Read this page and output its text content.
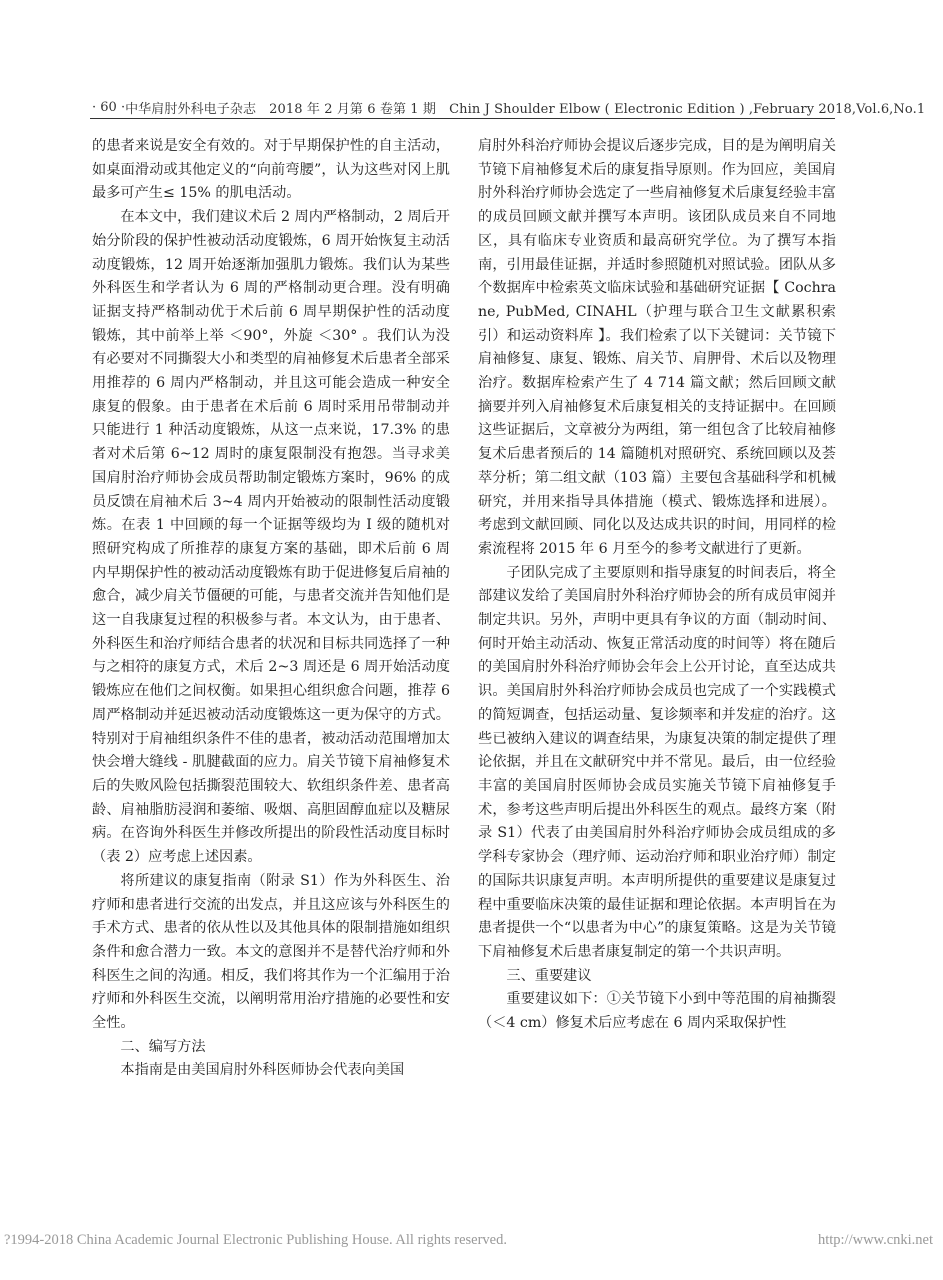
· 60 · 中华肩肘外科电子杂志　2018 年 2 月第 6 卷第 1 期　Chin J Shoulder Elbow ( Electronic Edition ) ,February 2018,Vol.6,No.1

的患者来说是安全有效的。对于早期保护性的自主活动，如桌面滑动或其他定义的“向前弯腰”，认为这些对冈上肌最多可产生≤ 15% 的肌电活动。

在本文中，我们建议术后 2 周内严格制动，2 周后开始分阶段的保护性被动活动度锻炼，6 周开始恢复主动活动度锻炼，12 周开始逐渐加强肌力锻炼。我们认为某些外科医生和学者认为 6 周的严格制动更合理。没有明确证据支持严格制动优于术后前 6 周早期保护性的活动度锻炼，其中前举上举 ＜90°，外旋 ＜30° 。我们认为没有必要对不同撕裂大小和类型的肩袖修复术后患者全部采用推荐的 6 周内严格制动，并且这可能会造成一种安全康复的假象。由于患者在术后前 6 周时采用吊带制动并只能进行 1 种活动度锻炼，从这一点来说，17.3% 的患者对术后第 6~12 周时的康复限制没有抱怨。当寻求美国肩肘治疗师协会成员帮助制定锻炼方案时，96% 的成员反馈在肩袖术后 3~4 周内开始被动的限制性活动度锻炼。在表 1 中回顾的每一个证据等级均为 I 级的随机对照研究构成了所推荐的康复方案的基础，即术后前 6 周内早期保护性的被动活动度锻炼有助于促进修复后肩袖的愈合，减少肩关节僵硬的可能，与患者交流并告知他们是这一自我康复过程的积极参与者。本文认为，由于患者、外科医生和治疗师结合患者的状况和目标共同选择了一种与之相符的康复方式，术后 2~3 周还是 6 周开始活动度锻炼应在他们之间权衡。如果担心组织愈合问题，推荐 6 周严格制动并延迟被动活动度锻炼这一更为保守的方式。特别对于肩袖组织条件不佳的患者，被动活动范围增加太快会增大缝线 - 肌腱截面的应力。肩关节镜下肩袖修复术后的失败风险包括撕裂范围较大、软组织条件差、患者高龄、肩袖脂肪浸润和萎缩、吸烟、高胆固醇血症以及糖尿病。在咨询外科医生并修改所提出的阶段性活动度目标时（表 2）应考虑上述因素。

将所建议的康复指南（附录 S1）作为外科医生、治疗师和患者进行交流的出发点，并且这应该与外科医生的手术方式、患者的依从性以及其他具体的限制措施如组织条件和愈合潜力一致。本文的意图并不是替代治疗师和外科医生之间的沟通。相反，我们将其作为一个汇编用于治疗师和外科医生交流，以阐明常用治疗措施的必要性和安全性。

二、编写方法

本指南是由美国肩肘外科医师协会代表向美国

肩肘外科治疗师协会提议后逐步完成，目的是为阐明肩关节镜下肩袖修复术后的康复指导原则。作为回应，美国肩肘外科治疗师协会选定了一些肩袖修复术后康复经验丰富的成员回顾文献并撰写本声明。该团队成员来自不同地区，具有临床专业资质和最高研究学位。为了撰写本指南，引用最佳证据，并适时参照随机对照试验。团队从多个数据库中检索英文临床试验和基础研究证据【 Cochrane, PubMed, CINAHL（护理与联合卫生文献累积索引）和运动资料库 】。我们检索了以下关键词：关节镜下肩袖修复、康复、锻炼、肩关节、肩胛骨、术后以及物理治疗。数据库检索产生了 4 714 篇文献；然后回顾文献摘要并列入肩袖修复术后康复相关的支持证据中。在回顾这些证据后，文章被分为两组，第一组包含了比较肩袖修复术后患者预后的 14 篇随机对照研究、系统回顾以及荟萃分析；第二组文献（103 篇）主要包含基础科学和机械研究，并用来指导具体措施（模式、锻炼选择和进展）。考虑到文献回顾、同化以及达成共识的时间，用同样的检索流程将 2015 年 6 月至今的参考文献进行了更新。

子团队完成了主要原则和指导康复的时间表后，将全部建议发给了美国肩肘外科治疗师协会的所有成员审阅并制定共识。另外，声明中更具有争议的方面（制动时间、何时开始主动活动、恢复正常活动度的时间等）将在随后的美国肩肘外科治疗师协会年会上公开讨论，直至达成共识。美国肩肘外科治疗师协会成员也完成了一个实践模式的简短调查，包括运动量、复诊频率和并发症的治疗。这些已被纳入建议的调查结果，为康复决策的制定提供了理论依据，并且在文献研究中并不常见。最后，由一位经验丰富的美国肩肘医师协会成员实施关节镜下肩袖修复手术，参考这些声明后提出外科医生的观点。最终方案（附录 S1）代表了由美国肩肘外科治疗师协会成员组成的多学科专家协会（理疗师、运动治疗师和职业治疗师）制定的国际共识康复声明。本声明所提供的重要建议是康复过程中重要临床决策的最佳证据和理论依据。本声明旨在为患者提供一个“以患者为中心”的康复策略。这是为关节镜下肩袖修复术后患者康复制定的第一个共识声明。

三、重要建议

重要建议如下：①关节镜下小到中等范围的肩袖撕裂（＜4 cm）修复术后应考虑在 6 周内采取保护性

?1994-2018 China Academic Journal Electronic Publishing House. All rights reserved.	http://www.cnki.net
